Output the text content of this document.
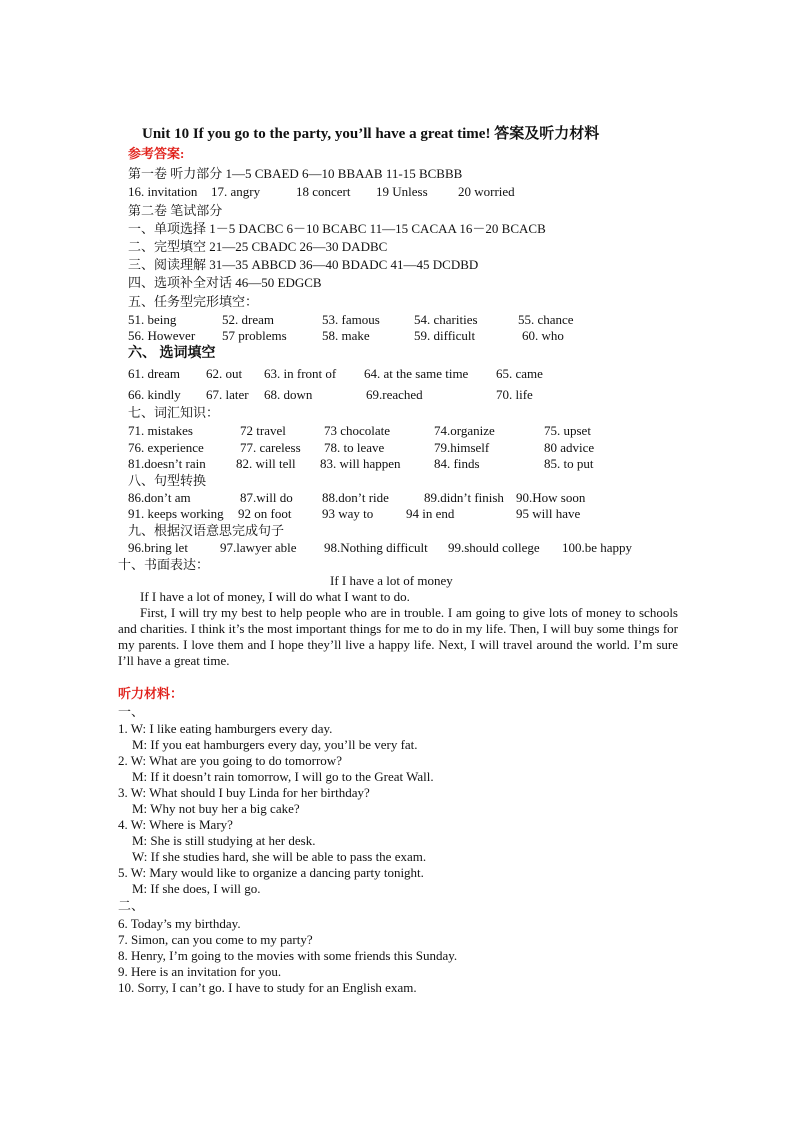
Unit 10 If you go to the party, you’ll have a great time! 答案及听力材料
参考答案:
第一卷 听力部分 1—5 CBAED 6—10 BBAAB 11-15 BCBBB
16. invitation 17. angry	18 concert 19 Unless 20 worried
第二卷 笔试部分
一、单项选择 1－5 DACBC 6－10 BCABC 11—15 CACAA 16－20 BCACB
二、完型填空 21—25 CBADC 26—30 DADBC
三、阅读理解 31—35 ABBCD 36—40 BDADC 41—45 DCDBD
四、选项补全对话 46—50 EDGCB
五、任务型完形填空：
51. being	52. dream	53. famous	54. charities	55. chance
56. However 57 problems	58. make	59. difficult	60. who
六、 选词填空
61. dream 62. out 63. in front of 64. at the same time 65. came
66. kindly 67. later 68. down	69.reached	70. life
七、词汇知识：
71. mistakes	72 travel	73 chocolate	74.organize	75. upset
76. experience	77. careless 78. to leave	79.himself	80 advice
81.doesn’t rain 82. will tell 83. will happen	84. finds	85. to put
八、句型转换
86.don’t am	87.will do 88.don’t ride	89.didn’t finish 90.How soon
91. keeps working 92 on foot 93 way to	94 in end	95 will have
九、根据汉语意思完成句子
96.bring let 97.lawyer able 98.Nothing difficult 99.should college 100.be happy
十、书面表达：
If I have a lot of money
If I have a lot of money, I will do what I want to do.
First, I will try my best to help people who are in trouble. I am going to give lots of money to schools and charities. I think it’s the most important things for me to do in my life. Then, I will buy some things for my parents. I love them and I hope they’ll live a happy life. Next, I will travel around the world. I’m sure I’ll have a great time.
听力材料：
一、
1. W: I like eating hamburgers every day.
M: If you eat hamburgers every day, you’ll be very fat.
2. W: What are you going to do tomorrow?
M: If it doesn’t rain tomorrow, I will go to the Great Wall.
3. W: What should I buy Linda for her birthday?
M: Why not buy her a big cake?
4. W: Where is Mary?
M: She is still studying at her desk.
W: If she studies hard, she will be able to pass the exam.
5. W: Mary would like to organize a dancing party tonight.
M: If she does, I will go.
二、
6. Today’s my birthday.
7. Simon, can you come to my party?
8. Henry, I’m going to the movies with some friends this Sunday.
9. Here is an invitation for you.
10. Sorry, I can’t go. I have to study for an English exam.
